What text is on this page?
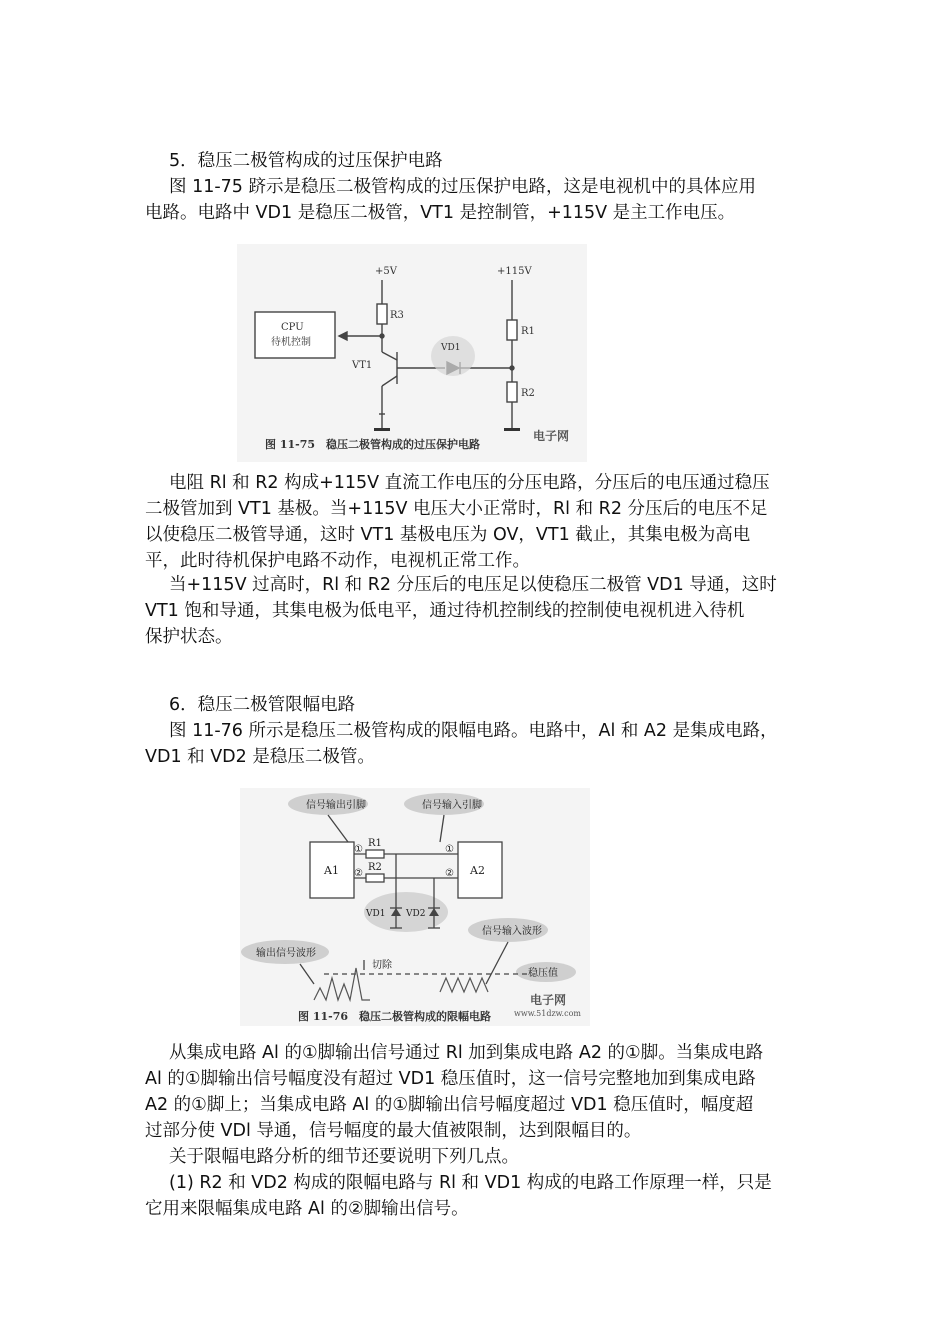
5．稳压二极管构成的过压保护电路

图 11-75 跻示是稳压二极管构成的过压保护电路，这是电视机中的具体应用
电路。电路中 VD1 是稳压二极管，VT1 是控制管，+115V 是主工作电压。

+5V	+115V
R3
R1
R2
VT1
VD1
CPU
待机控制
图 11-75　稳压二极管构成的过压保护电路
电子网

电阻 Rl 和 R2 构成+115V 直流工作电压的分压电路，分压后的电压通过稳压
二极管加到 VT1 基极。当+115V 电压大小正常时，Rl 和 R2 分压后的电压不足
以使稳压二极管导通，这时 VT1 基极电压为 OV，VT1 截止，其集电极为高电
平，此时待机保护电路不动作，电视机正常工作。

当+115V 过高时，Rl 和 R2 分压后的电压足以使稳压二极管 VD1 导通，这时
VT1 饱和导通，其集电极为低电平，通过待机控制线的控制使电视机进入待机
保护状态。

6．稳压二极管限幅电路

图 11-76 所示是稳压二极管构成的限幅电路。电路中，Al 和 A2 是集成电路，
VD1 和 VD2 是稳压二极管。

信号输出引脚	信号输入引脚
A1	A2
R1
R2
①
②
①
②
VD1 VD2
输出信号波形
信号输入波形
切除
稳压值
图 11-76　稳压二极管构成的限幅电路
电子网
www.51dzw.com

从集成电路 Al 的①脚输出信号通过 Rl 加到集成电路 A2 的①脚。当集成电路
Al 的①脚输出信号幅度没有超过 VD1 稳压值时，这一信号完整地加到集成电路
A2 的①脚上；当集成电路 Al 的①脚输出信号幅度超过 VD1 稳压值时，幅度超
过部分使 VDl 导通，信号幅度的最大值被限制，达到限幅目的。

关于限幅电路分析的细节还要说明下列几点。

(1) R2 和 VD2 构成的限幅电路与 Rl 和 VD1 构成的电路工作原理一样，只是
它用来限幅集成电路 Al 的②脚输出信号。
